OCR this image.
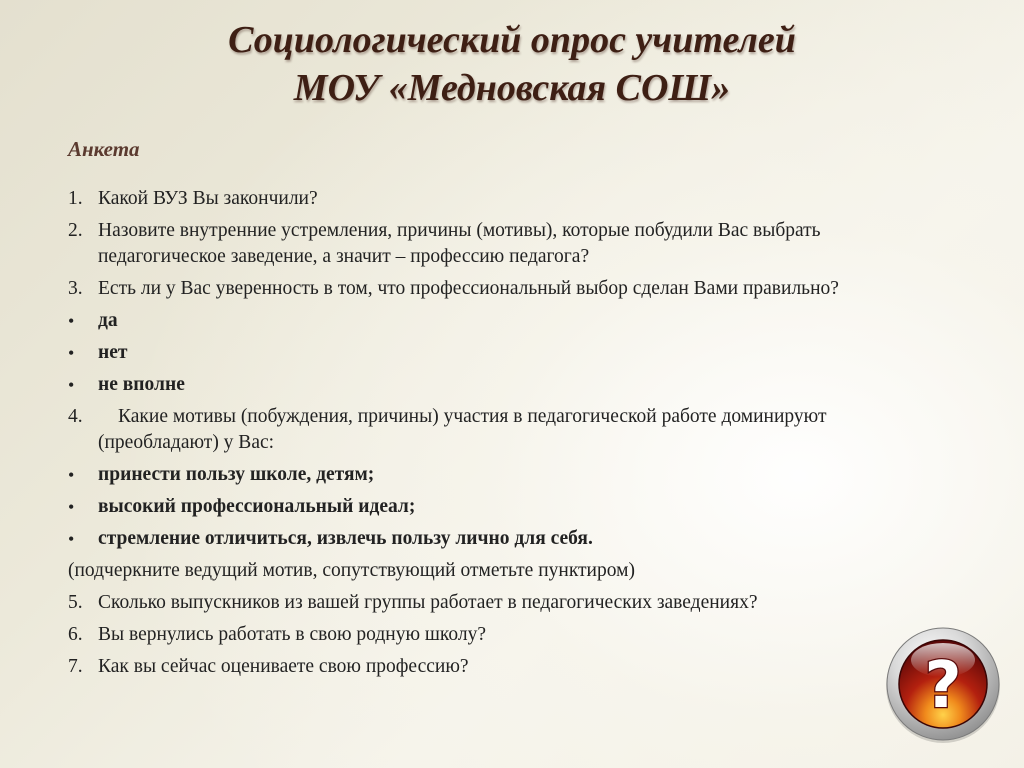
Социологический опрос учителей
МОУ «Медновская СОШ»

Анкета

1. Какой ВУЗ Вы закончили?
2. Назовите внутренние устремления, причины (мотивы), которые побудили Вас выбрать педагогическое заведение, а значит – профессию педагога?
3. Есть ли у Вас уверенность в том, что профессиональный выбор сделан Вами правильно?
• да
• нет
• не вполне
4. Какие мотивы (побуждения, причины) участия в педагогической работе доминируют (преобладают) у Вас:
• принести пользу школе, детям;
• высокий профессиональный идеал;
• стремление отличиться, извлечь пользу лично для себя.
(подчеркните ведущий мотив, сопутствующий отметьте пунктиром)
5. Сколько выпускников из вашей группы работает в педагогических заведениях?
6. Вы вернулись работать в свою родную школу?
7. Как вы сейчас оцениваете свою профессию?	?
